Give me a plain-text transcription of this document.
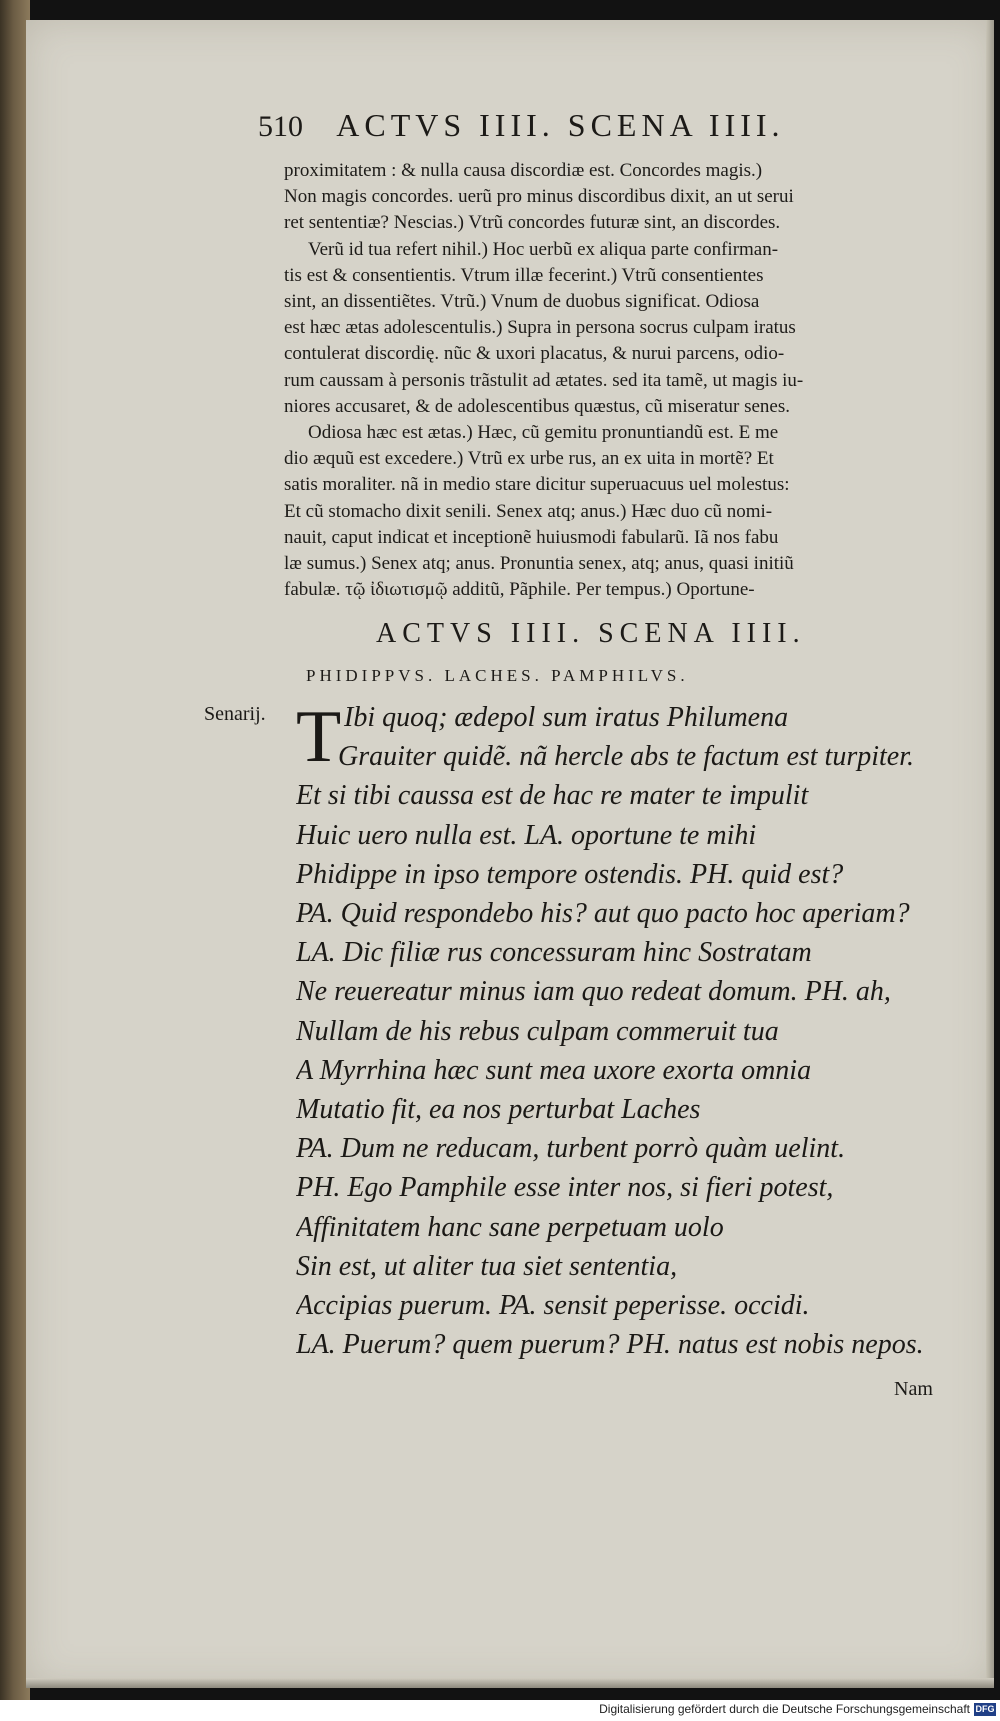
510 ACTVS IIII. SCENA IIII.
proximitatem : & nulla causa discordiæ est. Concordes magis.)
Non magis concordes. uerũ pro minus discordibus dixit, an ut serui
ret sententiæ? Nescias.) Vtrũ concordes futuræ sint, an discordes.
Verũ id tua refert nihil.) Hoc uerbũ ex aliqua parte confirman-
tis est & consentientis. Vtrum illæ fecerint.) Vtrũ consentientes
sint, an dissentiẽtes. Vtrũ.) Vnum de duobus significat. Odiosa
est hæc ætas adolescentulis.) Supra in persona socrus culpam iratus
contulerat discordię. nũc & uxori placatus, & nurui parcens, odio-
rum caussam à personis trãstulit ad ætates. sed ita tamẽ, ut magis iu-
niores accusaret, & de adolescentibus quæstus, cũ miseratur senes.
Odiosa hæc est ætas.) Hæc, cũ gemitu pronuntiandũ est. E me
dio æquũ est excedere.) Vtrũ ex urbe rus, an ex uita in mortẽ? Et
satis moraliter. nã in medio stare dicitur superuacuus uel molestus:
Et cũ stomacho dixit senili. Senex atq; anus.) Hæc duo cũ nomi-
nauit, caput indicat et inceptionẽ huiusmodi fabularũ. Iã nos fabu
læ sumus.) Senex atq; anus. Pronuntia senex, atq; anus, quasi initiũ
fabulæ. τῷ ἰδιωτισμῷ additũ, Pãphile. Per tempus.) Oportune-
ACTVS IIII. SCENA IIII.
PHIDIPPVS. LACHES. PAMPHILVS.
Senarij. T Ibi quoq; ædepol sum iratus Philumena
Grauiter quidẽ. nã hercle abs te factum est turpiter.
Et si tibi caussa est de hac re mater te impulit
Huic uero nulla est. LA. oportune te mihi
Phidippe in ipso tempore ostendis. PH. quid est?
PA. Quid respondebo his? aut quo pacto hoc aperiam?
LA. Dic filiæ rus concessuram hinc Sostratam
Ne reuereatur minus iam quo redeat domum. PH. ah,
Nullam de his rebus culpam commeruit tua
A Myrrhina hæc sunt mea uxore exorta omnia
Mutatio fit, ea nos perturbat Laches
PA. Dum ne reducam, turbent porrò quàm uelint.
PH. Ego Pamphile esse inter nos, si fieri potest,
Affinitatem hanc sane perpetuam uolo
Sin est, ut aliter tua siet sententia,
Accipias puerum. PA. sensit peperisse. occidi.
LA. Puerum? quem puerum? PH. natus est nobis nepos.
Nam
Digitalisierung gefördert durch die Deutsche Forschungsgemeinschaft DFG
